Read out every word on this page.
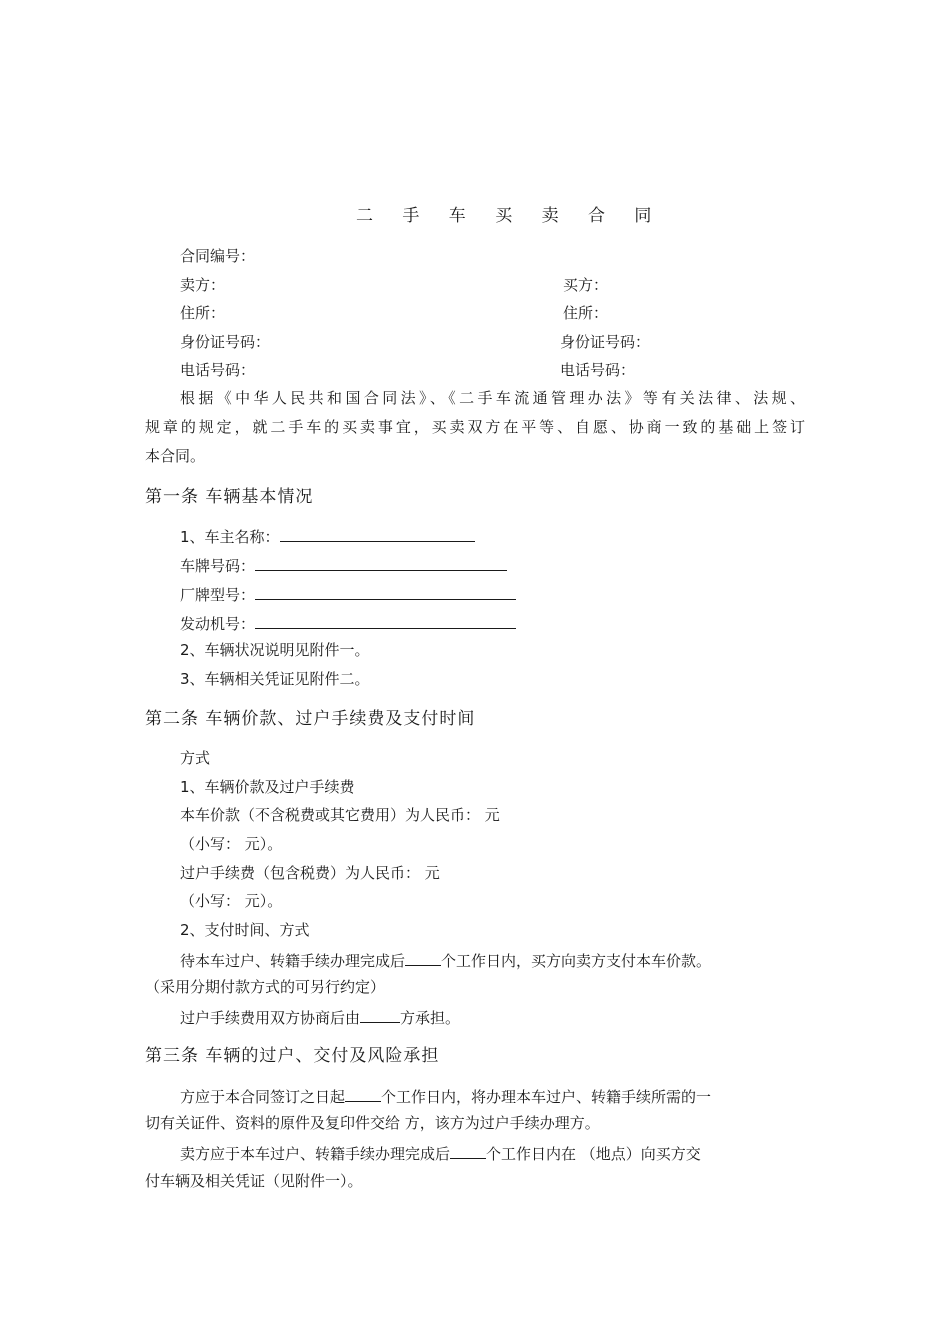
二 手 车 买 卖 合 同
合同编号：
卖方：	买方：
住所：	住所：
身份证号码：	身份证号码：
电话号码：	电话号码：
根据《中华人民共和国合同法》、《二手车流通管理办法》等有关法律、法规、
规章的规定，就二手车的买卖事宜，买卖双方在平等、自愿、协商一致的基础上签订
本合同。
第一条 车辆基本情况
1、车主名称：
车牌号码：
厂牌型号：
发动机号：
2、车辆状况说明见附件一。
3、车辆相关凭证见附件二。
第二条 车辆价款、过户手续费及支付时间
方式
1、车辆价款及过户手续费
本车价款（不含税费或其它费用）为人民币： 元
（小写： 元）。
过户手续费（包含税费）为人民币： 元
（小写： 元）。
2、支付时间、方式
待本车过户、转籍手续办理完成后 个工作日内，买方向卖方支付本车价款。
（采用分期付款方式的可另行约定）
过户手续费用双方协商后由	方承担。
第三条 车辆的过户、交付及风险承担
方应于本合同签订之日起 个工作日内，将办理本车过户、转籍手续所需的一
切有关证件、资料的原件及复印件交给 方，该方为过户手续办理方。
卖方应于本车过户、转籍手续办理完成后 个工作日内在 （地点）向买方交
付车辆及相关凭证（见附件一）。
